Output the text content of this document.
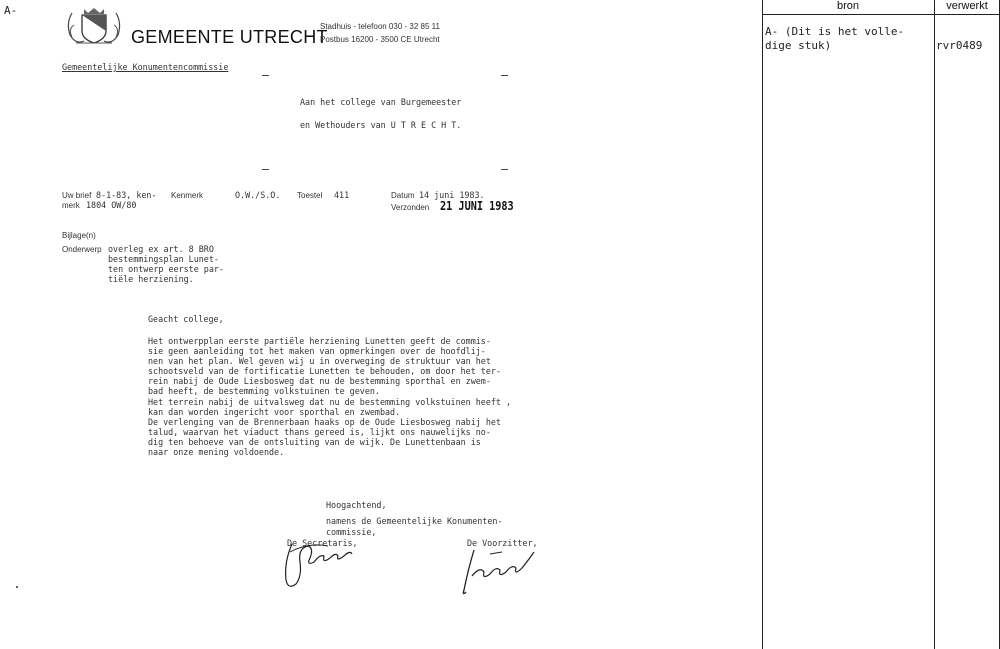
A-
GEMEENTE UTRECHT
Stadhuis - telefoon 030 - 32 85 11
Postbus 16200 - 3500 CE Utrecht
Gemeentelijke Konumentencommissie
Aan het college van Burgemeester
en Wethouders van U T R E C H T.
Uw brief 8-1-83, ken-
merk 1804 OW/80
Kenmerk	O.W./S.O. Toestel 411	Datum 14 juni 1983.
Verzonden 21 JUNI 1983
Bijlage(n)
Onderwerp overleg ex art. 8 BRO
bestemmingsplan Lunet-
ten ontwerp eerste par-
tiële herziening.
Geacht college,
Het ontwerpplan eerste partiële herziening Lunetten geeft de commis-
sie geen aanleiding tot het maken van opmerkingen over de hoofdlij-
nen van het plan. Wel geven wij u in overweging de struktuur van het
schootsveld van de fortificatie Lunetten te behouden, om door het ter-
rein nabij de Oude Liesbosweg dat nu de bestemming sporthal en zwem-
bad heeft, de bestemming volkstuinen te geven.
Het terrein nabij de uitvalsweg dat nu de bestemming volkstuinen heeft ,
kan dan worden ingericht voor sporthal en zwembad.
De verlenging van de Brennerbaan haaks op de Oude Liesbosweg nabij het
talud, waarvan het viaduct thans gereed is, lijkt ons nauwelijks no-
dig ten behoeve van de ontsluiting van de wijk. De Lunettenbaan is
naar onze mening voldoende.
Hoogachtend,
namens de Gemeentelijke Konumenten-
commissie,
De Secretaris,	De Voorzitter,
bron	verwerkt
A- (Dit is het volle-
dige stuk)	rvr0489
